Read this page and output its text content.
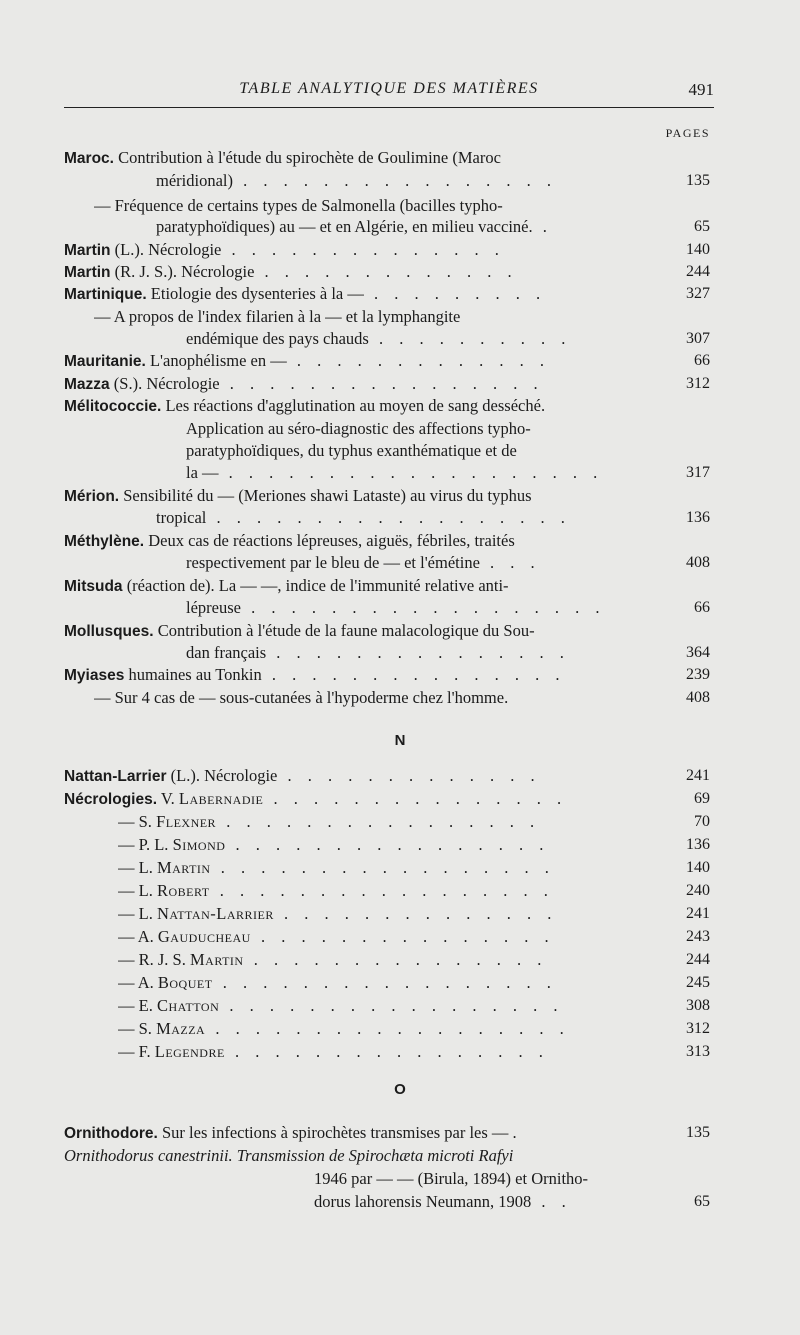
TABLE ANALYTIQUE DES MATIÈRES	491
PAGES
Maroc. Contribution à l'étude du spirochète de Goulimine (Maroc
méridional) . . . . . . . . . . . . . . . .	135
— Fréquence de certains types de Salmonella (bacilles typho-
paratyphoïdiques) au — et en Algérie, en milieu vacciné. .	65
Martin (L.). Nécrologie . . . . . . . . . . . . . .	140
Martin (R. J. S.). Nécrologie . . . . . . . . . . . . .	244
Martinique. Etiologie des dysenteries à la — . . . . . . . . .	327
— A propos de l'index filarien à la — et la lymphangite
endémique des pays chauds . . . . . . . . . .	307
Mauritanie. L'anophélisme en — . . . . . . . . . . . . .	66
Mazza (S.). Nécrologie . . . . . . . . . . . . . . . .	312
Mélitococcie. Les réactions d'agglutination au moyen de sang desséché.
Application au séro-diagnostic des affections typho-
paratyphoïdiques, du typhus exanthématique et de
la — . . . . . . . . . . . . . . . . . . .	317
Mérion. Sensibilité du — (Meriones shawi Lataste) au virus du typhus
tropical . . . . . . . . . . . . . . . . . .	136
Méthylène. Deux cas de réactions lépreuses, aiguës, fébriles, traités
respectivement par le bleu de — et l'émétine . . .	408
Mitsuda (réaction de). La — —, indice de l'immunité relative anti-
lépreuse . . . . . . . . . . . . . . . . . .	66
Mollusques. Contribution à l'étude de la faune malacologique du Sou-
dan français . . . . . . . . . . . . . . .	364
Myiases humaines au Tonkin . . . . . . . . . . . . . . .	239
— Sur 4 cas de — sous-cutanées à l'hypoderme chez l'homme.	408
Nattan-Larrier (L.). Nécrologie . . . . . . . . . . . . .	241
Nécrologies. V. Labernadie . . . . . . . . . . . . . . .	69
— S. Flexner . . . . . . . . . . . . . . . .	70
— P. L. Simond . . . . . . . . . . . . . . . .	136
— L. Martin . . . . . . . . . . . . . . . . .	140
— L. Robert . . . . . . . . . . . . . . . . .	240
— L. Nattan-Larrier . . . . . . . . . . . . . .	241
— A. Gauducheau . . . . . . . . . . . . . . .	243
— R. J. S. Martin . . . . . . . . . . . . . . .	244
— A. Boquet . . . . . . . . . . . . . . . . .	245
— E. Chatton . . . . . . . . . . . . . . . . .	308
— S. Mazza . . . . . . . . . . . . . . . . . .	312
— F. Legendre . . . . . . . . . . . . . . . .	313
Ornithodore. Sur les infections à spirochètes transmises par les — .	135
Ornithodorus canestrinii. Transmission de Spirochæta microti Rafyi
1946 par — — (Birula, 1894) et Ornitho-
dorus lahorensis Neumann, 1908 . .	65
N
O
